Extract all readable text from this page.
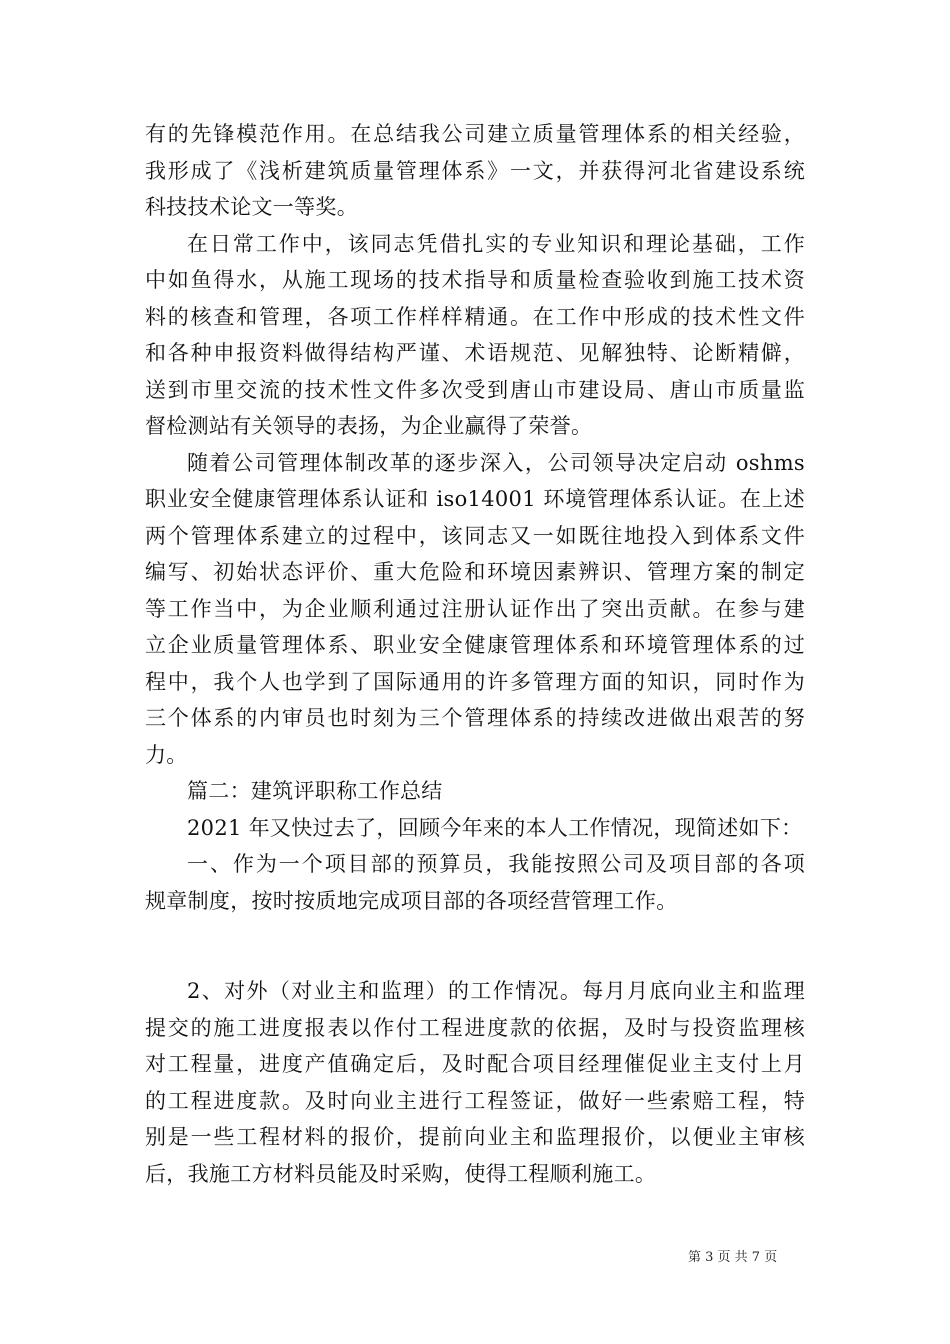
有的先锋模范作用。在总结我公司建立质量管理体系的相关经验，
我形成了《浅析建筑质量管理体系》一文，并获得河北省建设系统
科技技术论文一等奖。
在日常工作中，该同志凭借扎实的专业知识和理论基础，工作
中如鱼得水，从施工现场的技术指导和质量检查验收到施工技术资
料的核查和管理，各项工作样样精通。在工作中形成的技术性文件
和各种申报资料做得结构严谨、术语规范、见解独特、论断精僻，
送到市里交流的技术性文件多次受到唐山市建设局、唐山市质量监
督检测站有关领导的表扬，为企业赢得了荣誉。
随着公司管理体制改革的逐步深入，公司领导决定启动 oshms
职业安全健康管理体系认证和 iso14001 环境管理体系认证。在上述
两个管理体系建立的过程中，该同志又一如既往地投入到体系文件
编写、初始状态评价、重大危险和环境因素辨识、管理方案的制定
等工作当中，为企业顺利通过注册认证作出了突出贡献。在参与建
立企业质量管理体系、职业安全健康管理体系和环境管理体系的过
程中，我个人也学到了国际通用的许多管理方面的知识，同时作为
三个体系的内审员也时刻为三个管理体系的持续改进做出艰苦的努
力。
篇二：建筑评职称工作总结
2021 年又快过去了，回顾今年来的本人工作情况，现简述如下：
一、作为一个项目部的预算员，我能按照公司及项目部的各项
规章制度，按时按质地完成项目部的各项经营管理工作。
2、对外（对业主和监理）的工作情况。每月月底向业主和监理
提交的施工进度报表以作付工程进度款的依据，及时与投资监理核
对工程量，进度产值确定后，及时配合项目经理催促业主支付上月
的工程进度款。及时向业主进行工程签证，做好一些索赔工程，特
别是一些工程材料的报价，提前向业主和监理报价，以便业主审核
后，我施工方材料员能及时采购，使得工程顺利施工。
第 3 页 共 7 页
